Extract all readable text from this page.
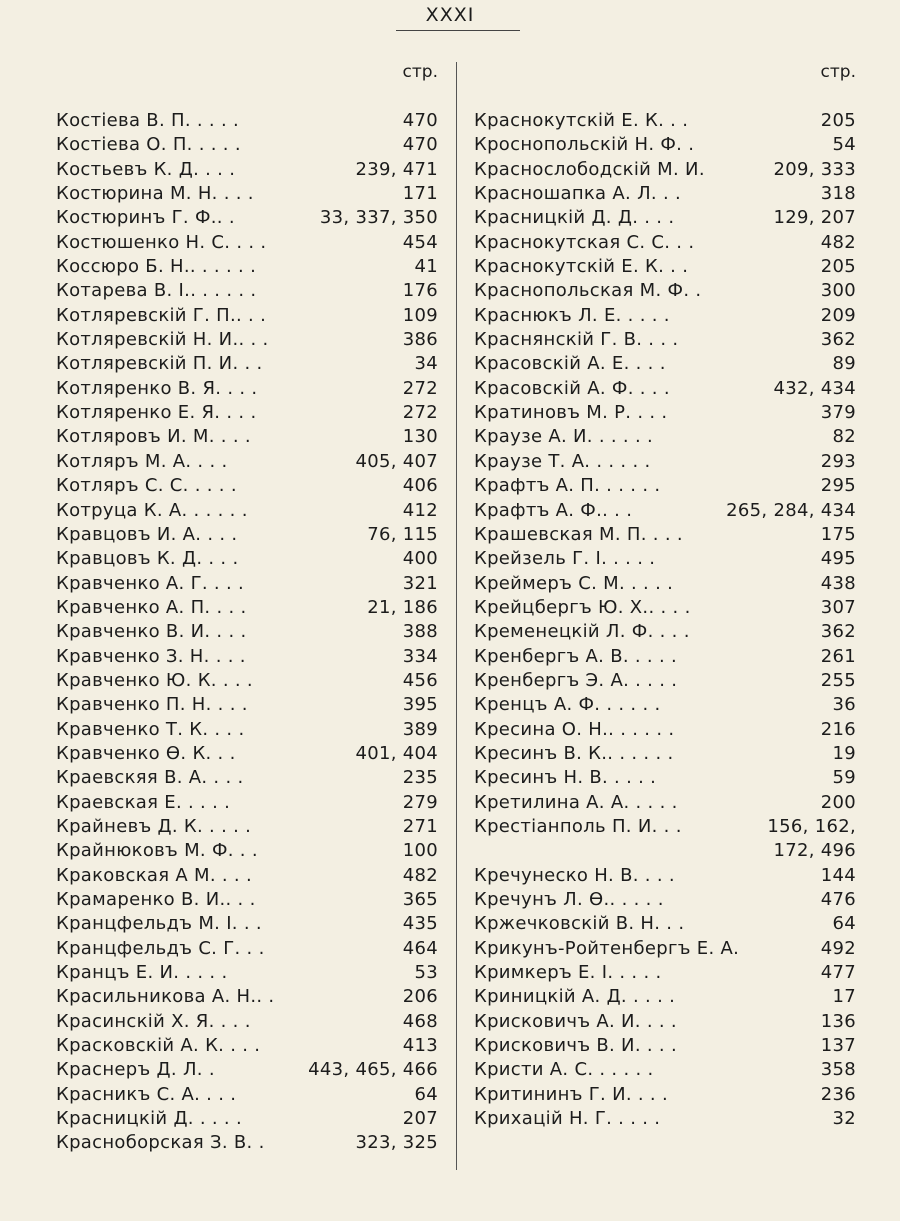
XXXI
стр.
Костіева В. П. . . . .	470
Костіева О. П. . . . .	470
Костьевъ К. Д. . . .	239, 471
Костюрина М. Н. . . .	171
Костюринъ Г. Ф.. .	33, 337, 350
Костюшенко Н. С. . . .	454
Коссюро Б. Н.. . . . . .	41
Котарева В. І.. . . . . .	176
Котляревскій Г. П.. . .	109
Котляревскій Н. И.. . .	386
Котляревскій П. И. . .	34
Котляренко В. Я. . . .	272
Котляренко Е. Я. . . .	272
Котляровъ И. М. . . .	130
Котляръ М. А. . . .	405, 407
Котляръ С. С. . . . .	406
Котруца К. А. . . . . .	412
Кравцовъ И. А. . . .	76, 115
Кравцовъ К. Д. . . .	400
Кравченко А. Г. . . .	321
Кравченко А. П. . . .	21, 186
Кравченко В. И. . . .	388
Кравченко З. Н. . . .	334
Кравченко Ю. К. . . .	456
Кравченко П. Н. . . .	395
Кравченко Т. К. . . .	389
Кравченко Ѳ. К. . .	401, 404
Краевскяя В. А. . . .	235
Краевская Е. . . . .	279
Крайневъ Д. К. . . . .	271
Крайнюковъ М. Ф. . .	100
Краковская А М. . . .	482
Крамаренко В. И.. . .	365
Кранцфельдъ М. І. . .	435
Кранцфельдъ С. Г. . .	464
Кранцъ Е. И. . . . .	53
Красильникова А. Н.. .	206
Красинскій Х. Я. . . .	468
Красковскій А. К. . . .	413
Краснеръ Д. Л. .	443, 465, 466
Красникъ С. А. . . .	64
Красницкій Д. . . . .	207
Красноборская З. В. .	323, 325
стр.
Краснокутскій Е. К. . .	205
Кроснопольскій Н. Ф. .	54
Краснослободскій М. И.	209, 333
Красношапка А. Л. . .	318
Красницкій Д. Д. . . .	129, 207
Краснокутская С. С. . .	482
Краснокутскій Е. К. . .	205
Краснопольская М. Ф. .	300
Краснюкъ Л. Е. . . . .	209
Краснянскій Г. В. . . .	362
Красовскій А. Е. . . .	89
Красовскій А. Ф. . . .	432, 434
Кратиновъ М. Р. . . .	379
Краузе А. И. . . . . .	82
Краузе Т. А. . . . . .	293
Крафтъ А. П. . . . . .	295
Крафтъ А. Ф.. . .	265, 284, 434
Крашевская М. П. . . .	175
Крейзель Г. І. . . . .	495
Креймеръ С. М. . . . .	438
Крейцбергъ Ю. Х.. . . .	307
Кременецкій Л. Ф. . . .	362
Кренбергъ А. В. . . . .	261
Кренбергъ Э. А. . . . .	255
Кренцъ А. Ф. . . . . .	36
Кресина О. Н.. . . . . .	216
Кресинъ В. К.. . . . . .	19
Кресинъ Н. В. . . . .	59
Кретилина А. А. . . . .	200
Крестіанполь П. И. . .	156, 162,
172, 496
Кречунеско Н. В. . . .	144
Кречунъ Л. Ѳ.. . . . .	476
Кржечковскій В. Н. . .	64
Крикунъ-Ройтенбергъ Е. А.	492
Кримкеръ Е. І. . . . .	477
Криницкій А. Д. . . . .	17
Крисковичъ А. И. . . .	136
Крисковичъ В. И. . . .	137
Кристи А. С. . . . . .	358
Критининъ Г. И. . . .	236
Крихацій Н. Г. . . . .	32
